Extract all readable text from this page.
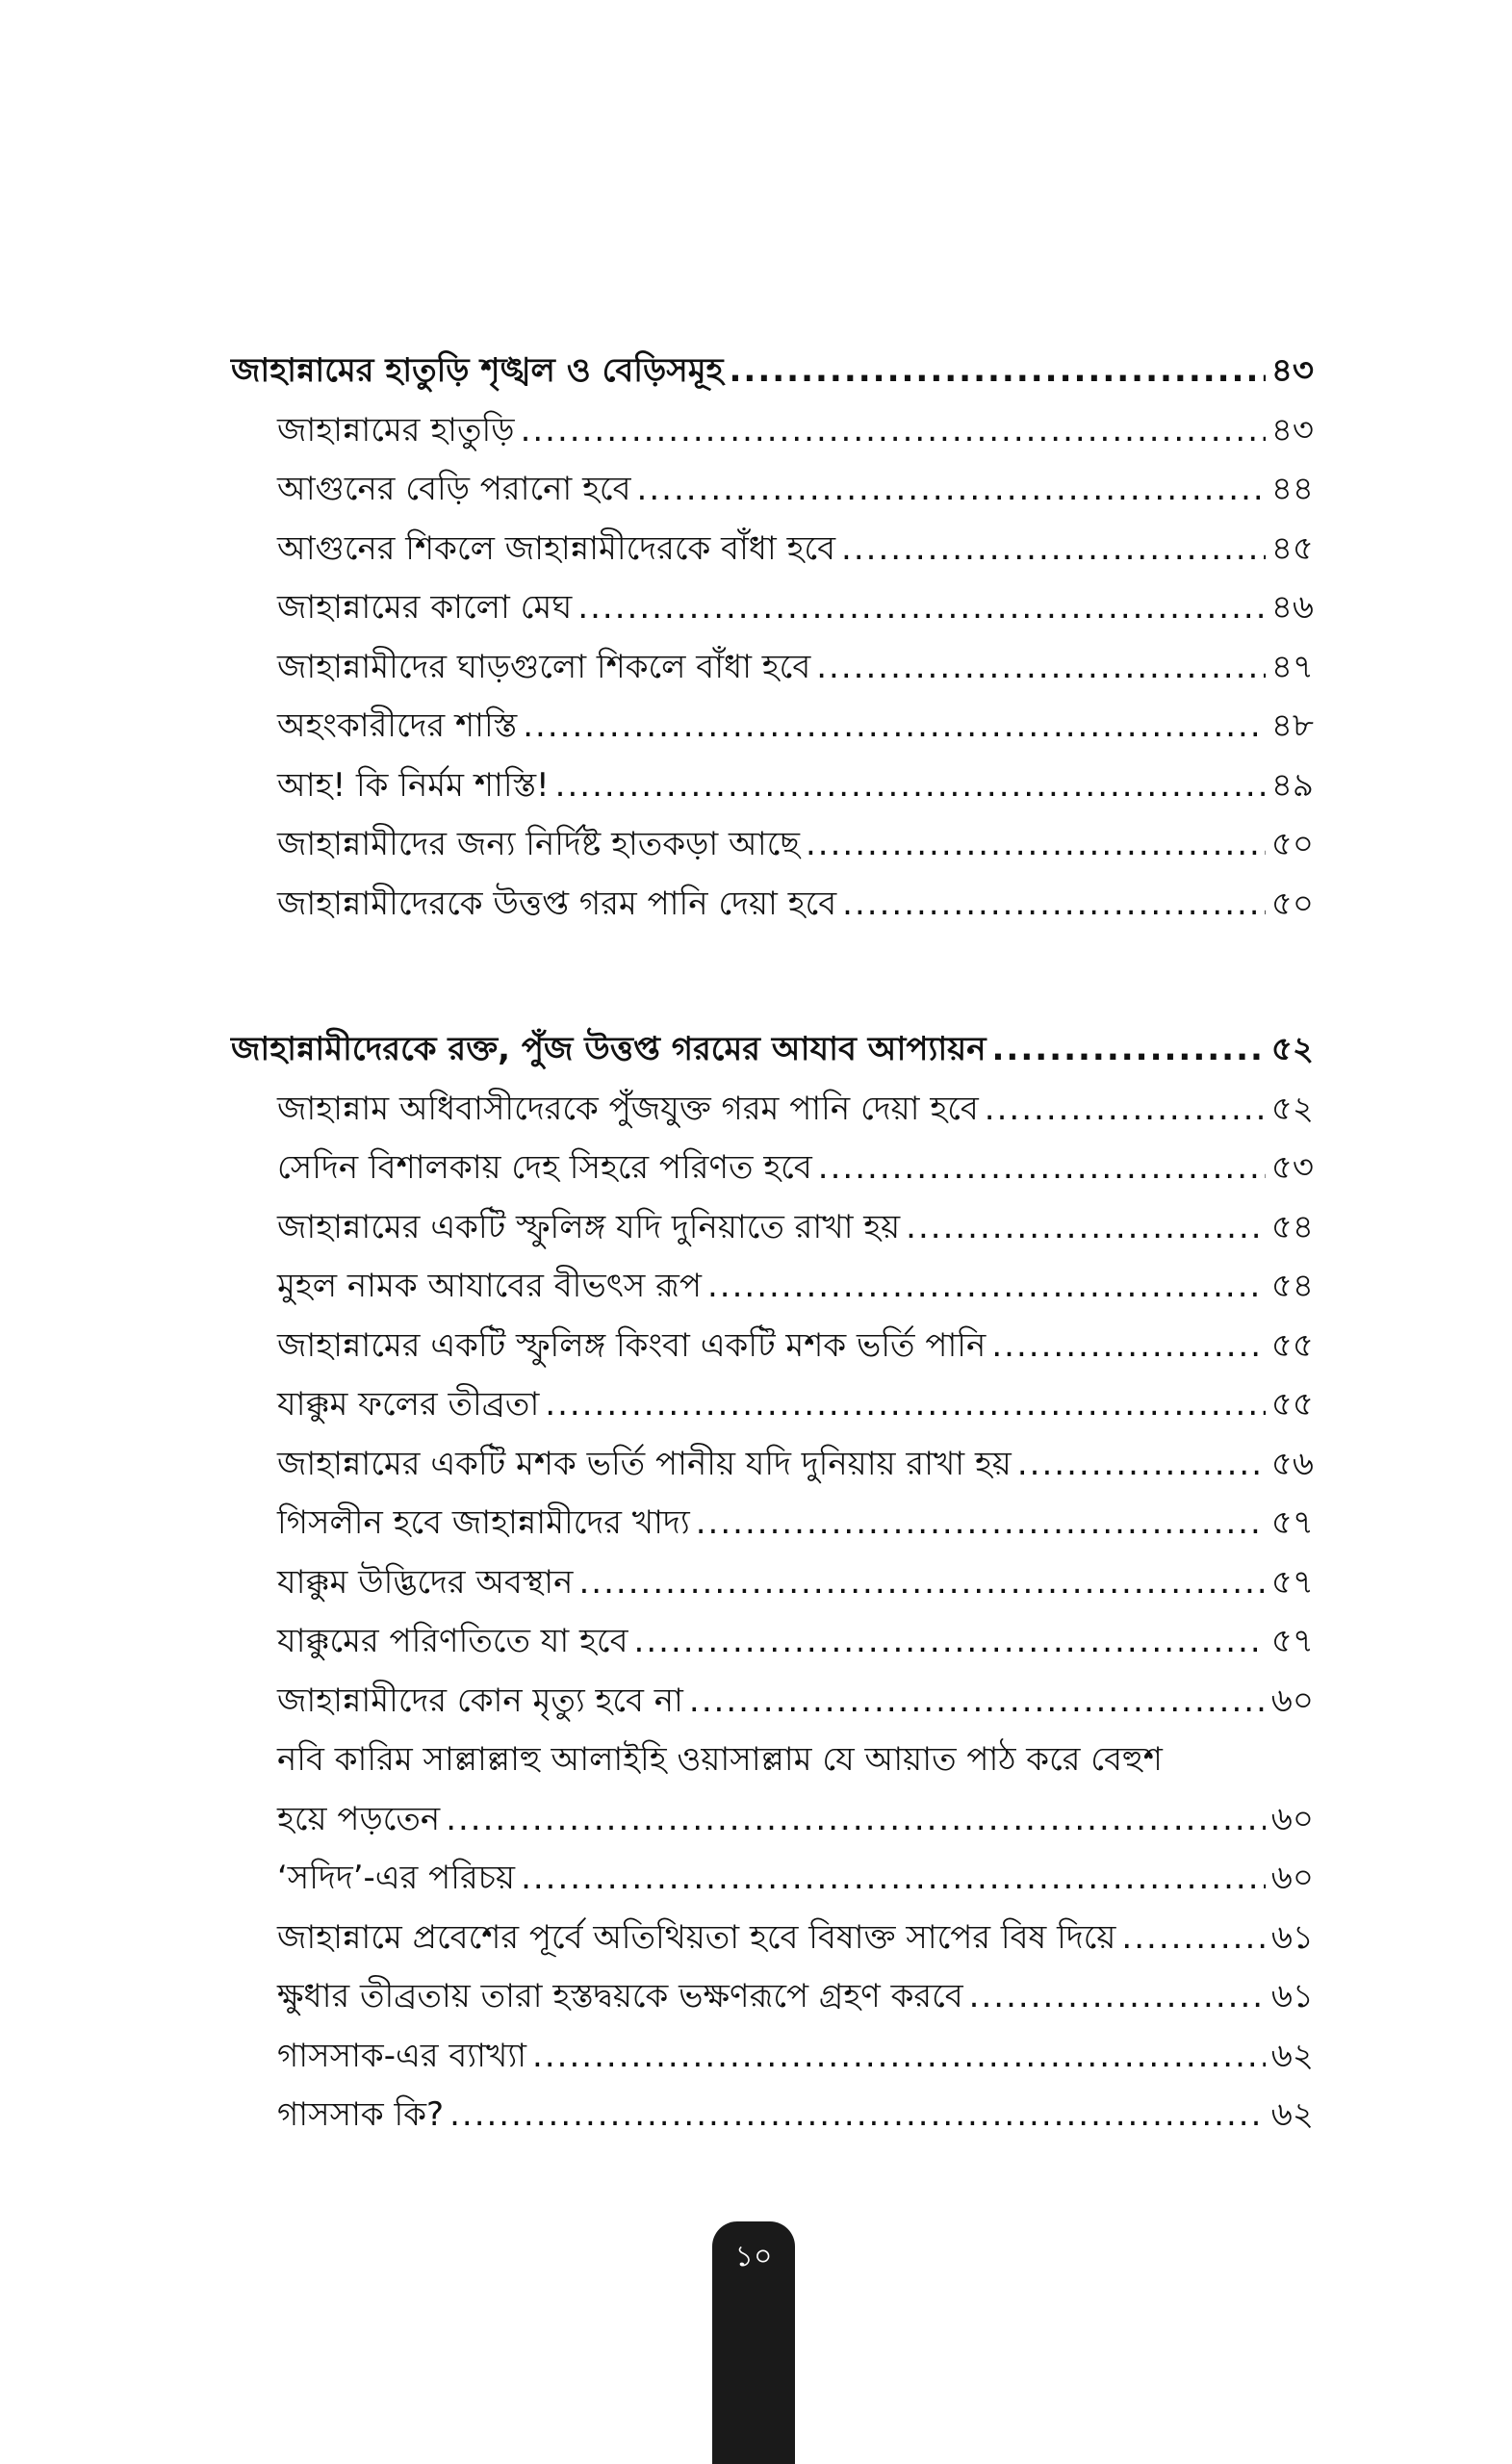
জাহান্নামের হাতুড়ি শৃঙ্খল ও বেড়িসমূহ .....	৪৩
জাহান্নামের হাতুড়ি .....	৪৩
আগুনের বেড়ি পরানো হবে .....	৪৪
আগুনের শিকলে জাহান্নামীদেরকে বাঁধা হবে .....	৪৫
জাহান্নামের কালো মেঘ .....	৪৬
জাহান্নামীদের ঘাড়গুলো শিকলে বাঁধা হবে .....	৪৭
অহংকারীদের শাস্তি .....	৪৮
আহ! কি নির্মম শাস্তি! .....	৪৯
জাহান্নামীদের জন্য নির্দিষ্ট হাতকড়া আছে .....	৫০
জাহান্নামীদেরকে উত্তপ্ত গরম পানি দেয়া হবে .....	৫০
জাহান্নামীদেরকে রক্ত, পুঁজ উত্তপ্ত গরমের আযাব আপ্যায়ন .....	৫২
জাহান্নাম অধিবাসীদেরকে পুঁজযুক্ত গরম পানি দেয়া হবে .....	৫২
সেদিন বিশালকায় দেহ সিহরে পরিণত হবে .....	৫৩
জাহান্নামের একটি স্ফুলিঙ্গ যদি দুনিয়াতে রাখা হয় .....	৫৪
মুহল নামক আযাবের বীভৎস রূপ .....	৫৪
জাহান্নামের একটি স্ফুলিঙ্গ কিংবা একটি মশক ভর্তি পানি .....	৫৫
যাক্কুম ফলের তীব্রতা .....	৫৫
জাহান্নামের একটি মশক ভর্তি পানীয় যদি দুনিয়ায় রাখা হয় .....	৫৬
গিসলীন হবে জাহান্নামীদের খাদ্য .....	৫৭
যাক্কুম উদ্ভিদের অবস্থান .....	৫৭
যাক্কুমের পরিণতিতে যা হবে .....	৫৭
জাহান্নামীদের কোন মৃত্যু হবে না .....	৬০
নবি কারিম সাল্লাল্লাহু আলাইহি ওয়াসাল্লাম যে আয়াত পাঠ করে বেহুশ
হয়ে পড়তেন .....	৬০
‘সদিদ’-এর পরিচয় .....	৬০
জাহান্নামে প্রবেশের পূর্বে অতিথিয়তা হবে বিষাক্ত সাপের বিষ দিয়ে .....	৬১
ক্ষুধার তীব্রতায় তারা হস্তদ্বয়কে ভক্ষণরূপে গ্রহণ করবে .....	৬১
গাসসাক-এর ব্যাখ্যা .....	৬২
গাসসাক কি? .....	৬২
১০
